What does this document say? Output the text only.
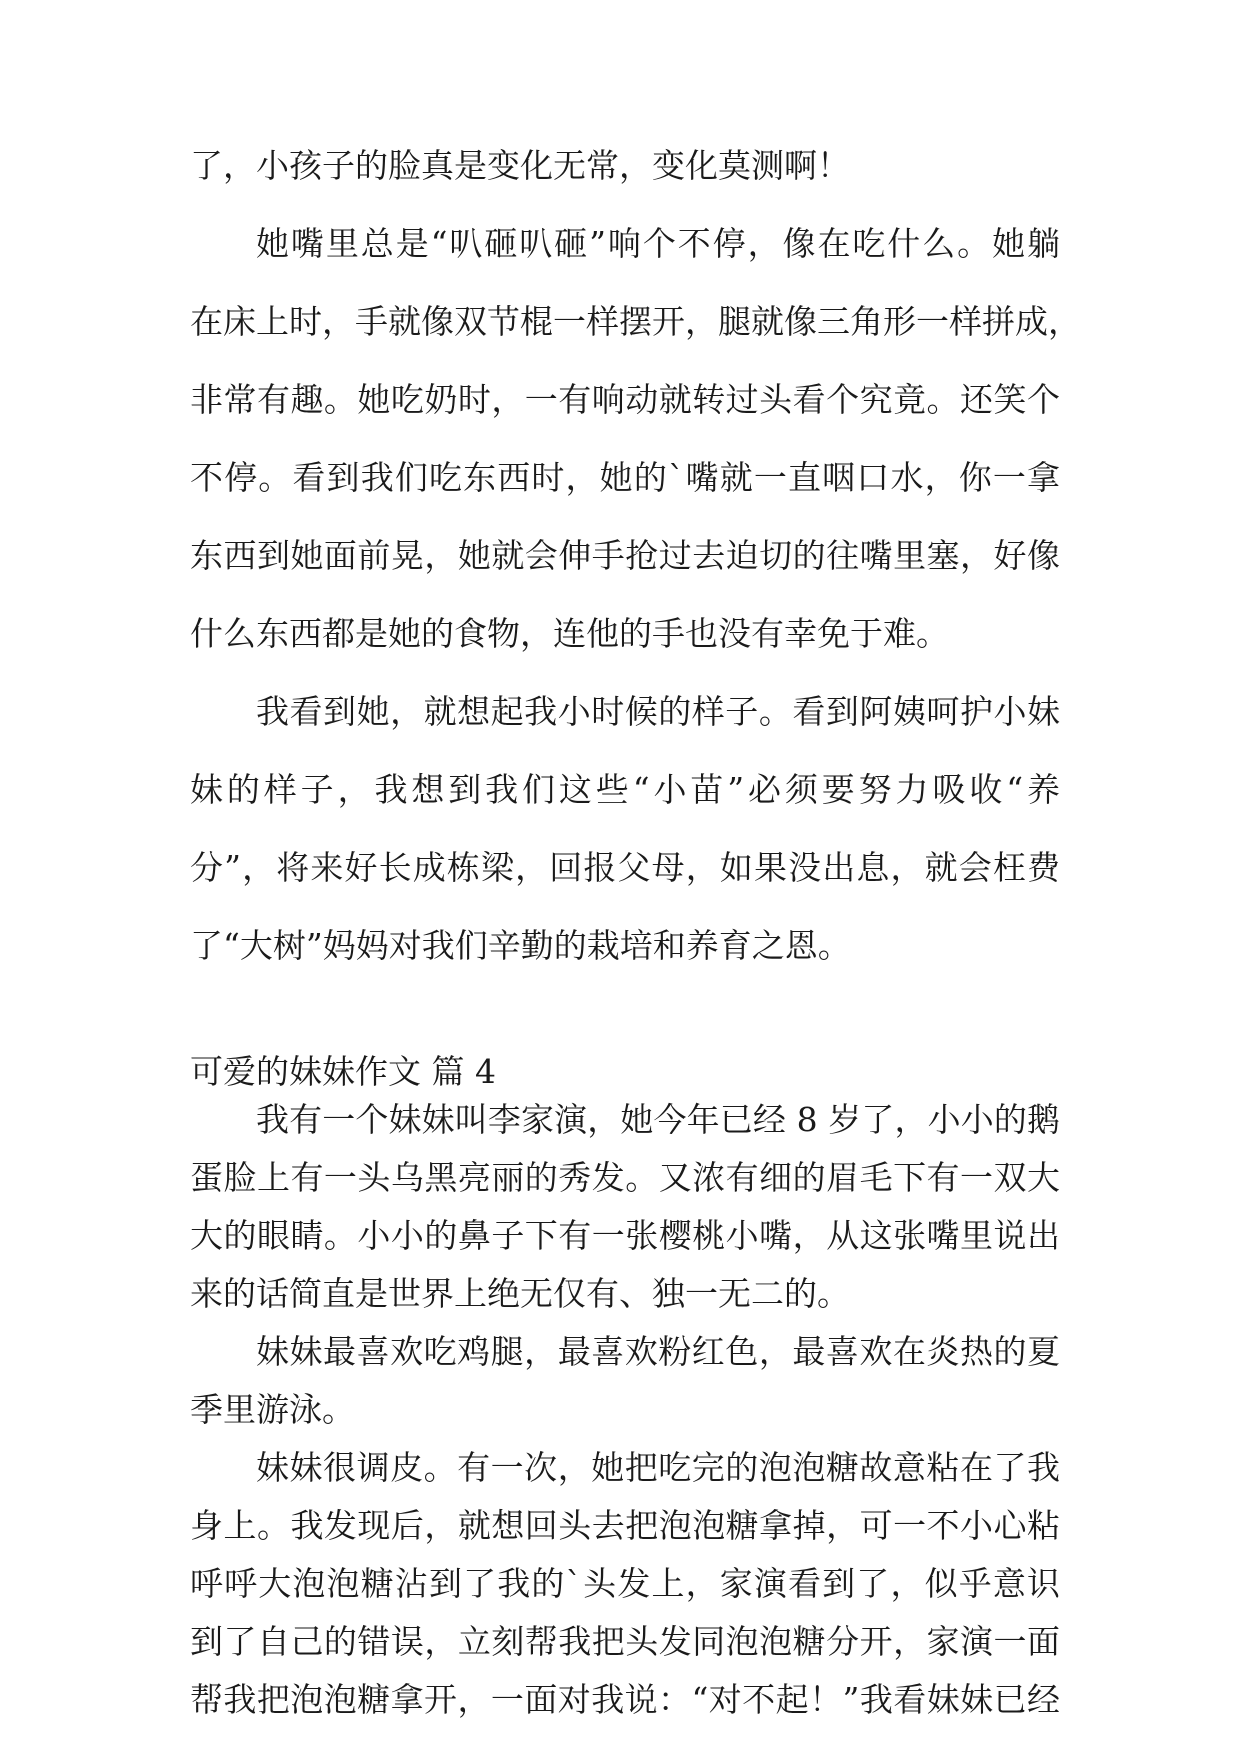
了，小孩子的脸真是变化无常，变化莫测啊！
她嘴里总是“叭砸叭砸”响个不停，像在吃什么。她躺
在床上时，手就像双节棍一样摆开，腿就像三角形一样拼成，
非常有趣。她吃奶时，一有响动就转过头看个究竟。还笑个
不停。看到我们吃东西时，她的`嘴就一直咽口水，你一拿
东西到她面前晃，她就会伸手抢过去迫切的往嘴里塞，好像
什么东西都是她的食物，连他的手也没有幸免于难。
我看到她，就想起我小时候的样子。看到阿姨呵护小妹
妹的样子，我想到我们这些“小苗”必须要努力吸收“养
分”，将来好长成栋梁，回报父母，如果没出息，就会枉费
了“大树”妈妈对我们辛勤的栽培和养育之恩。
可爱的妹妹作文 篇 4
我有一个妹妹叫李家演，她今年已经 8 岁了，小小的鹅
蛋脸上有一头乌黑亮丽的秀发。又浓有细的眉毛下有一双大
大的眼睛。小小的鼻子下有一张樱桃小嘴，从这张嘴里说出
来的话简直是世界上绝无仅有、独一无二的。
妹妹最喜欢吃鸡腿，最喜欢粉红色，最喜欢在炎热的夏
季里游泳。
妹妹很调皮。有一次，她把吃完的泡泡糖故意粘在了我
身上。我发现后，就想回头去把泡泡糖拿掉，可一不小心粘
呼呼大泡泡糖沾到了我的`头发上，家演看到了，似乎意识
到了自己的错误，立刻帮我把头发同泡泡糖分开，家演一面
帮我把泡泡糖拿开，一面对我说：“对不起！”我看妹妹已经
